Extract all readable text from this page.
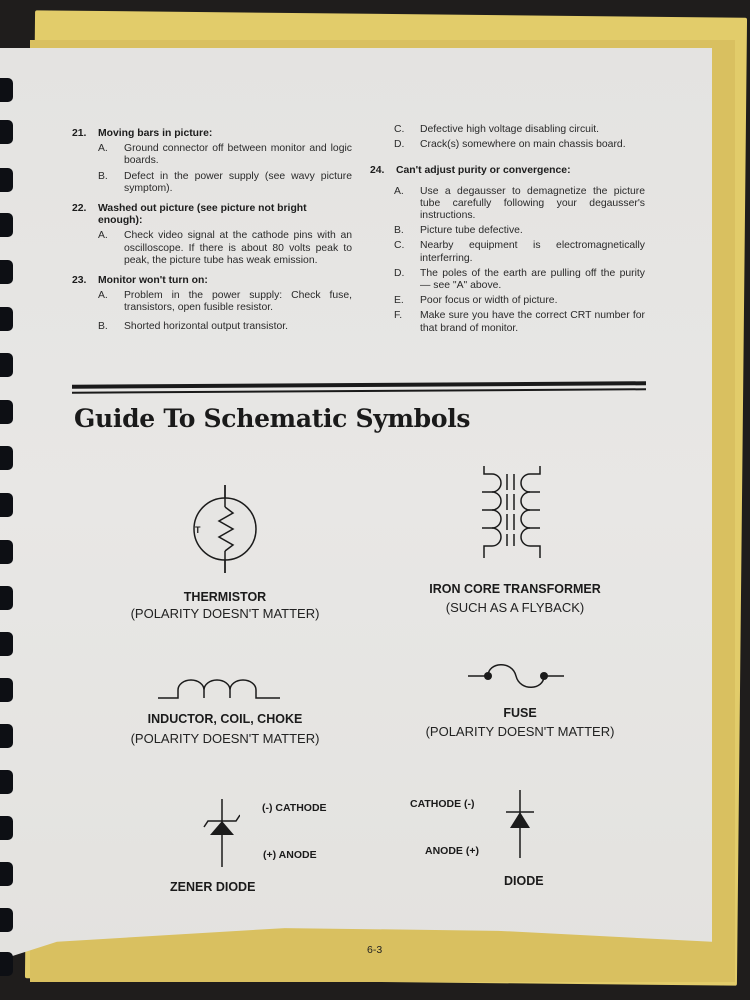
21.	Moving bars in picture:
A.	Ground connector off between monitor and logic boards.
B.	Defect in the power supply (see wavy picture symptom).
22.	Washed out picture (see picture not bright enough):
A.	Check video signal at the cathode pins with an oscilloscope. If there is about 80 volts peak to peak, the picture tube has weak emission.
23.	Monitor won't turn on:
A.	Problem in the power supply: Check fuse, transistors, open fusible resistor.
B.	Shorted horizontal output transistor.
C.	Defective high voltage disabling circuit.
D.	Crack(s) somewhere on main chassis board.
24.	Can't adjust purity or convergence:
A.	Use a degausser to demagnetize the picture tube carefully following your degausser's instructions.
B.	Picture tube defective.
C.	Nearby equipment is electromagnetically interferring.
D.	The poles of the earth are pulling off the purity — see "A" above.
E.	Poor focus or width of picture.
F.	Make sure you have the correct CRT number for that brand of monitor.
Guide To Schematic Symbols
T
THERMISTOR
(POLARITY DOESN'T MATTER)
IRON CORE TRANSFORMER
(SUCH AS A FLYBACK)
INDUCTOR, COIL, CHOKE
(POLARITY DOESN'T MATTER)
FUSE
(POLARITY DOESN'T MATTER)
(-) CATHODE
(+) ANODE
ZENER DIODE
CATHODE (-)
ANODE (+)
DIODE
6-3
